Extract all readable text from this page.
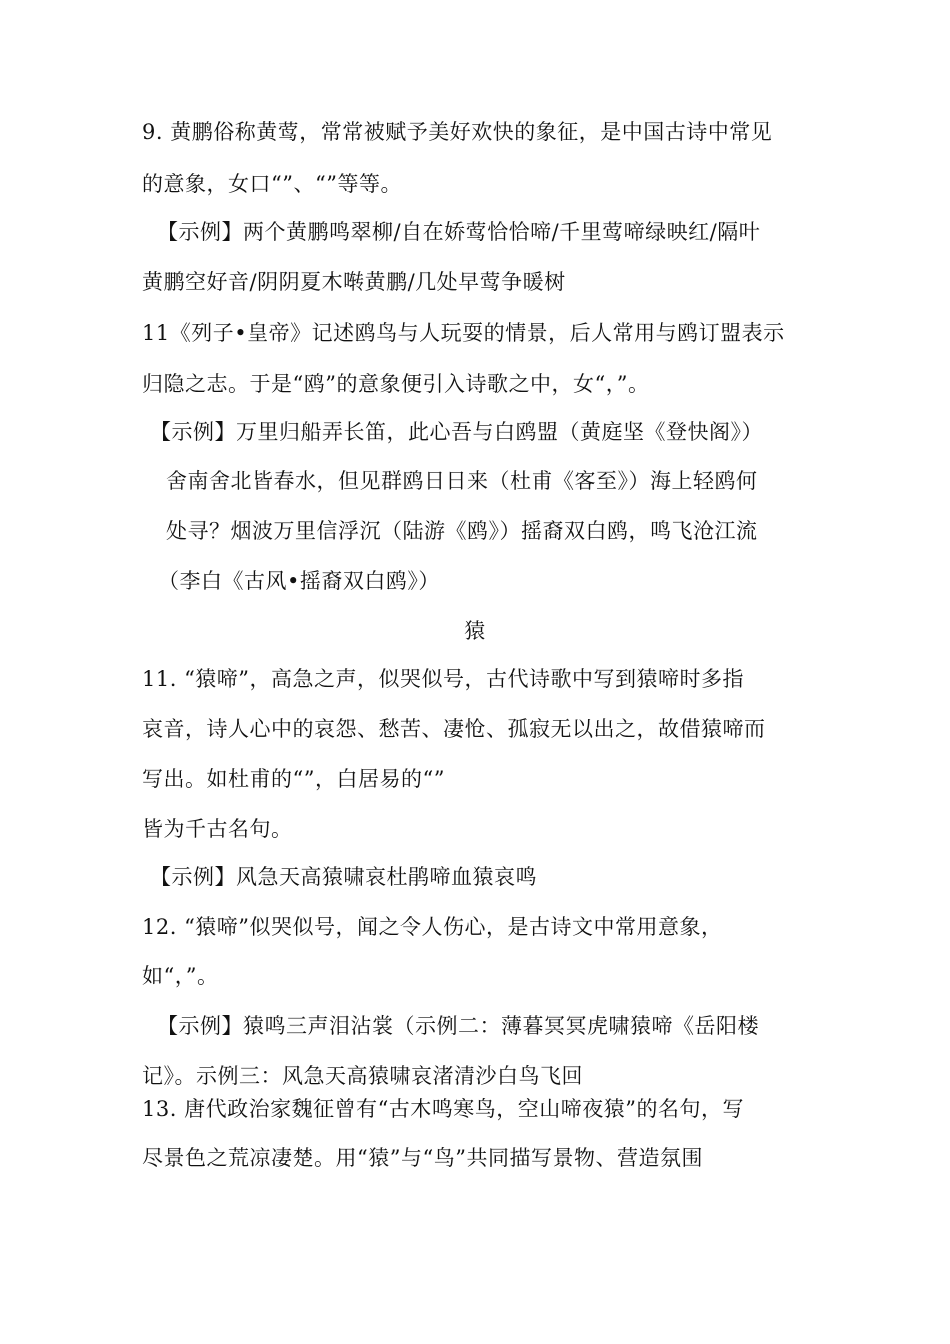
9. 黄鹏俗称黄莺，常常被赋予美好欢快的象征，是中国古诗中常见
的意象，女口“”、“”等等。
【示例】两个黄鹏鸣翠柳/自在娇莺恰恰啼/千里莺啼绿映红/隔叶
黄鹏空好音/阴阴夏木啭黄鹏/几处早莺争暖树
11《列子•皇帝》记述鸥鸟与人玩耍的情景，后人常用与鸥订盟表示
归隐之志。于是“鸥”的意象便引入诗歌之中，女“，”。
【示例】万里归船弄长笛，此心吾与白鸥盟（黄庭坚《登快阁》）
舍南舍北皆春水，但见群鸥日日来（杜甫《客至》）海上轻鸥何
处寻？烟波万里信浮沉（陆游《鸥》）摇裔双白鸥，鸣飞沧江流
（李白《古风•摇裔双白鸥》）
猿
11. “猿啼”，高急之声，似哭似号，古代诗歌中写到猿啼时多指
哀音，诗人心中的哀怨、愁苦、凄怆、孤寂无以出之，故借猿啼而
写出。如杜甫的“”，白居易的“”
皆为千古名句。
【示例】风急天高猿啸哀杜鹃啼血猿哀鸣
12. “猿啼”似哭似号，闻之令人伤心，是古诗文中常用意象，
如“，”。
【示例】猿鸣三声泪沾裳（示例二：薄暮冥冥虎啸猿啼《岳阳楼
记》。示例三：风急天高猿啸哀渚清沙白鸟飞回
13. 唐代政治家魏征曾有“古木鸣寒鸟，空山啼夜猿”的名句，写
尽景色之荒凉凄楚。用“猿”与“鸟”共同描写景物、营造氛围
